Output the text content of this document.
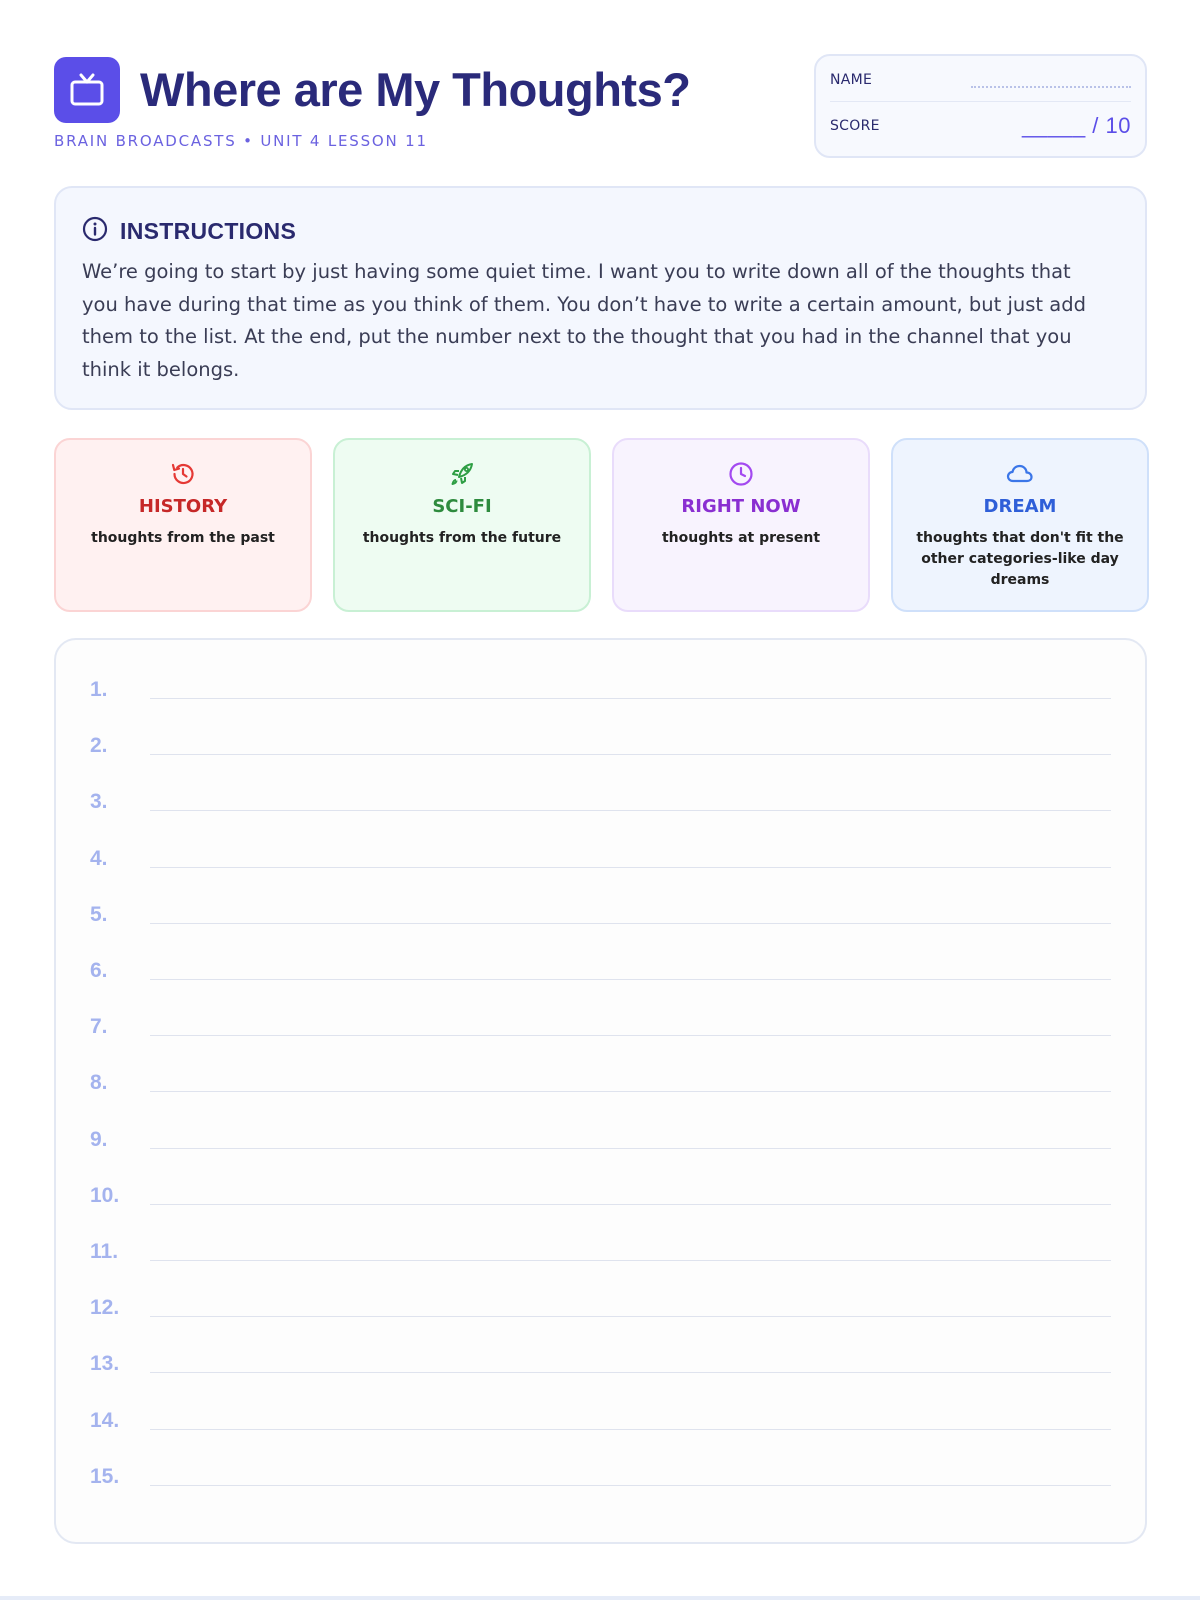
Where are My Thoughts?
BRAIN BROADCASTS • UNIT 4 LESSON 11
NAME
SCORE	_____ / 10
INSTRUCTIONS
We’re going to start by just having some quiet time. I want you to write down all of the thoughts that you have during that time as you think of them. You don’t have to write a certain amount, but just add them to the list. At the end, put the number next to the thought that you had in the channel that you think it belongs.
HISTORY
thoughts from the past
SCI-FI
thoughts from the future
RIGHT NOW
thoughts at present
DREAM
thoughts that don't fit the other categories-like day dreams
1.
2.
3.
4.
5.
6.
7.
8.
9.
10.
11.
12.
13.
14.
15.
